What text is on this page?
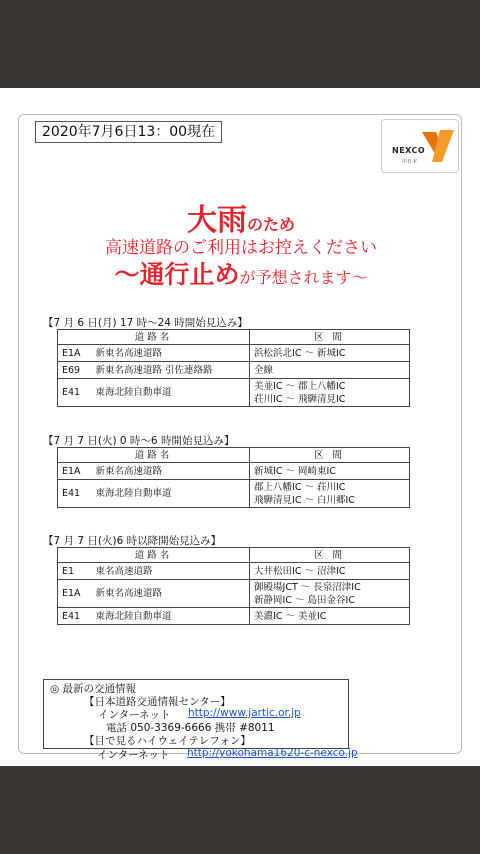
2020年7月6日13：00現在
NEXCO
中日本
大雨のため
高速道路のご利用はお控えください
～通行止めが予想されます～
【7 月 6 日(月) 17 時～24 時開始見込み】
道路名		区 間
E1A	新東名高速道路	浜松浜北IC ～ 新城IC

E69	新東名高速道路 引佐連絡路	全線

E41	東海北陸自動車道	美並IC ～ 郡上八幡IC
荘川IC ～ 飛騨清見IC
【7 月 7 日(火) 0 時～6 時開始見込み】
道路名		区 間
E1A	新東名高速道路	新城IC ～ 岡崎東IC

E41	東海北陸自動車道	郡上八幡IC ～ 荘川IC
飛騨清見IC ～ 白川郷IC
【7 月 7 日(火)6 時以降開始見込み】
道路名		区 間
E1	東名高速道路	大井松田IC ～ 沼津IC

E1A	新東名高速道路	御殿場JCT ～ 長泉沼津IC
新静岡IC ～ 島田金谷IC

E41	東海北陸自動車道	美濃IC ～ 美並IC
◎ 最新の交通情報
【日本道路交通情報センター】
インターネット http://www.jartic.or.jp
電話 050-3369-6666 携帯 #8011
【目で見るハイウェイテレフォン】
インターネット http://yokohama1620-c-nexco.jp
